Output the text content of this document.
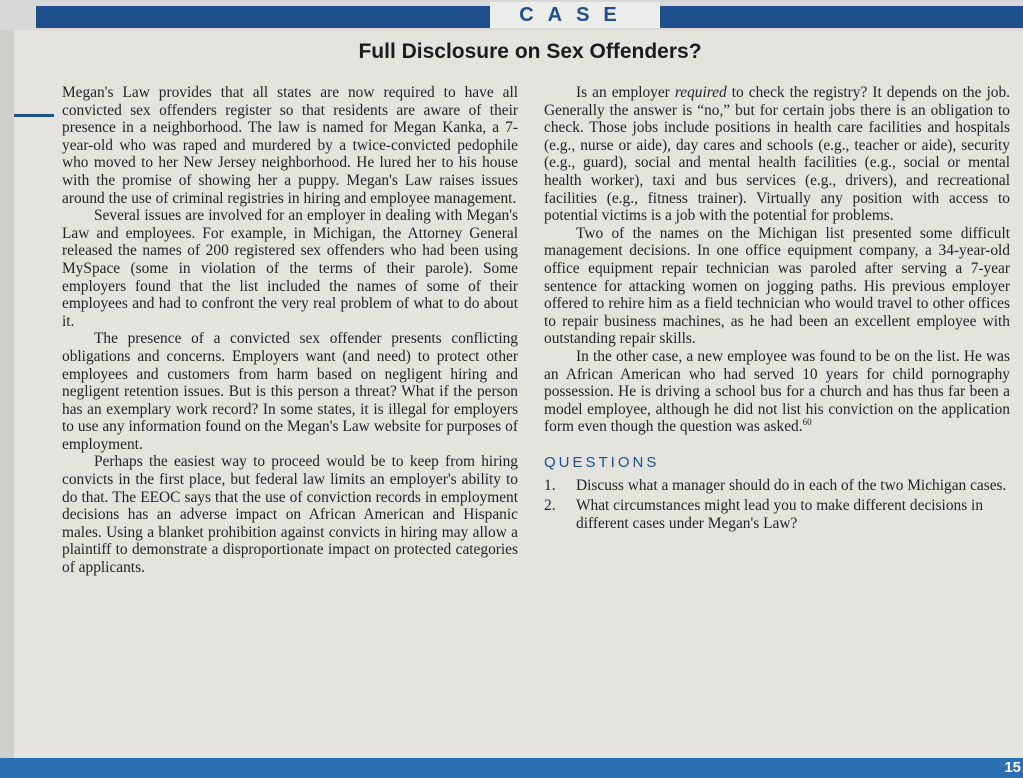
CASE
Full Disclosure on Sex Offenders?

Megan's Law provides that all states are now required to have all convicted sex offenders register so that residents are aware of their presence in a neighborhood. The law is named for Megan Kanka, a 7-year-old who was raped and murdered by a twice-convicted pedophile who moved to her New Jersey neighborhood. He lured her to his house with the promise of showing her a puppy. Megan's Law raises issues around the use of criminal registries in hiring and employee management.

Several issues are involved for an employer in dealing with Megan's Law and employees. For example, in Michigan, the Attorney General released the names of 200 registered sex offenders who had been using MySpace (some in violation of the terms of their parole). Some employers found that the list included the names of some of their employees and had to confront the very real problem of what to do about it.

The presence of a convicted sex offender presents conflicting obligations and concerns. Employers want (and need) to protect other employees and customers from harm based on negligent hiring and negligent retention issues. But is this person a threat? What if the person has an exemplary work record? In some states, it is illegal for employers to use any information found on the Megan's Law website for purposes of employment.

Perhaps the easiest way to proceed would be to keep from hiring convicts in the first place, but federal law limits an employer's ability to do that. The EEOC says that the use of conviction records in employment decisions has an adverse impact on African American and Hispanic males. Using a blanket prohibition against convicts in hiring may allow a plaintiff to demonstrate a disproportionate impact on protected categories of applicants.

Is an employer required to check the registry? It depends on the job. Generally the answer is “no,” but for certain jobs there is an obligation to check. Those jobs include positions in health care facilities and hospitals (e.g., nurse or aide), day cares and schools (e.g., teacher or aide), security (e.g., guard), social and mental health facilities (e.g., social or mental health worker), taxi and bus services (e.g., drivers), and recreational facilities (e.g., fitness trainer). Virtually any position with access to potential victims is a job with the potential for problems.

Two of the names on the Michigan list presented some difficult management decisions. In one office equipment company, a 34-year-old office equipment repair technician was paroled after serving a 7-year sentence for attacking women on jogging paths. His previous employer offered to rehire him as a field technician who would travel to other offices to repair business machines, as he had been an excellent employee with outstanding repair skills.

In the other case, a new employee was found to be on the list. He was an African American who had served 10 years for child pornography possession. He is driving a school bus for a church and has thus far been a model employee, although he did not list his conviction on the application form even though the question was asked.$^{60}$

QUESTIONS
1.	Discuss what a manager should do in each of the two Michigan cases.
2.	What circumstances might lead you to make different decisions in different cases under Megan's Law?
15
